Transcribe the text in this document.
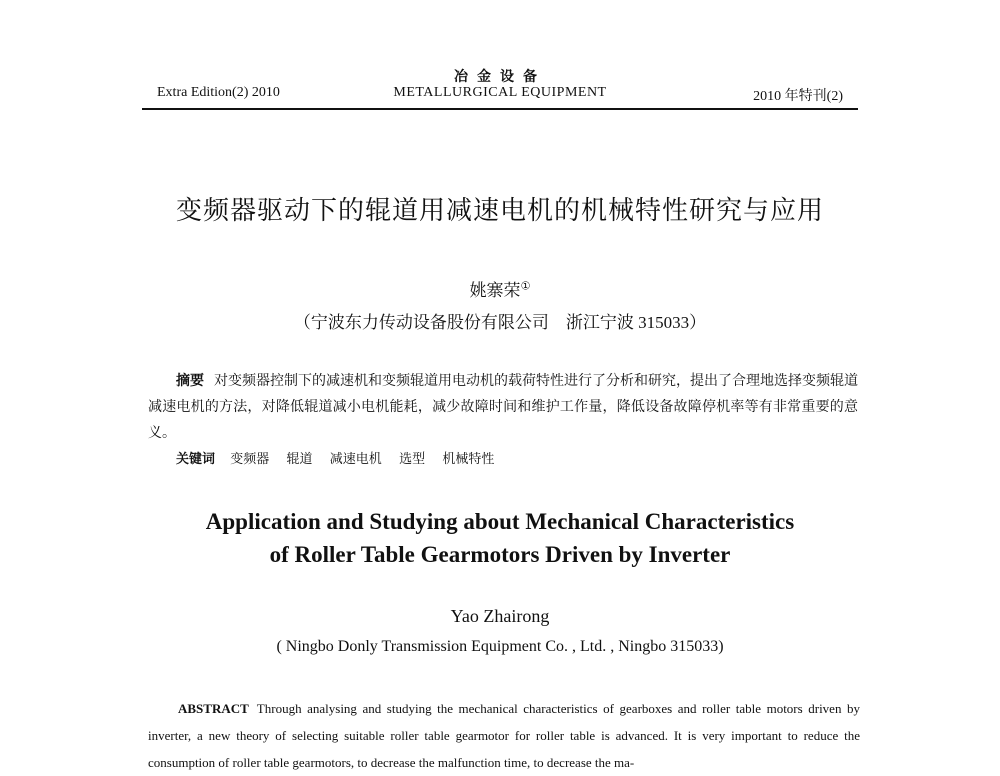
Extra Edition(2) 2010
冶金设备
METALLURGICAL EQUIPMENT	2010 年特刊(2)
变频器驱动下的辊道用减速电机的机械特性研究与应用
姚寨荣①
（宁波东力传动设备股份有限公司　浙江宁波 315033）
摘要 对变频器控制下的减速机和变频辊道用电动机的载荷特性进行了分析和研究，提出了合理地选择变频辊道减速电机的方法，对降低辊道减小电机能耗，减少故障时间和维护工作量，降低设备故障停机率等有非常重要的意义。
关键词 变频器 辊道 减速电机 选型 机械特性
Application and Studying about Mechanical Characteristics
of Roller Table Gearmotors Driven by Inverter
Yao Zhairong
( Ningbo Donly Transmission Equipment Co. , Ltd. , Ningbo 315033)
ABSTRACT Through analysing and studying the mechanical characteristics of gearboxes and roller table motors driven by inverter, a new theory of selecting suitable roller table gearmotor for roller table is advanced. It is very important to reduce the consumption of roller table gearmotors, to decrease the malfunction time, to decrease the ma-
